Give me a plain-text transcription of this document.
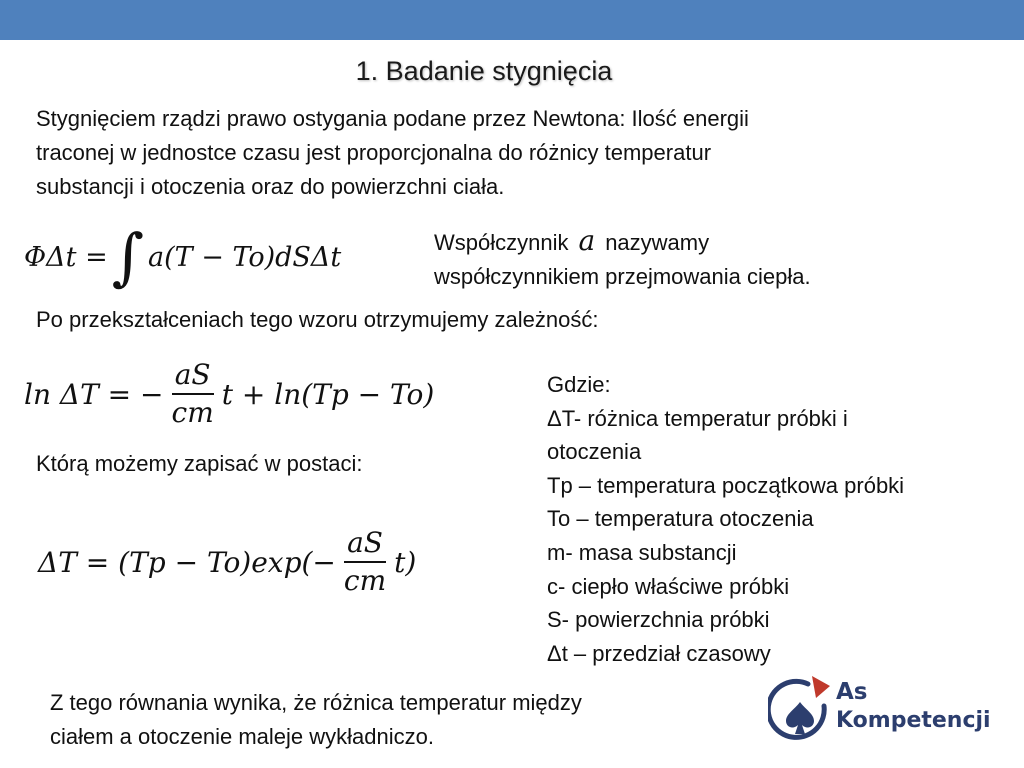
1. Badanie stygnięcia
Stygnięciem rządzi prawo ostygania podane przez Newtona: Ilość energii
traconej w jednostce czasu jest proporcjonalna do różnicy temperatur
substancji i otoczenia oraz do powierzchni ciała.
ΦΔt = ∫ a(T − To)dSΔt	Współczynnik a nazywamy
współczynnikiem przejmowania ciepła.
Po przekształceniach tego wzoru otrzymujemy zależność:
ln ΔT = − $\frac{aS}{cm}$ t + ln(Tp − To)
Którą możemy zapisać w postaci:
$\Delta T = (Tp - To)\exp(- \frac{aS}{cm} t)$
Gdzie:
ΔT- różnica temperatur próbki i
otoczenia
Tp – temperatura początkowa próbki
To – temperatura otoczenia
m- masa substancji
c- ciepło właściwe próbki
S- powierzchnia próbki
Δt – przedział czasowy
Z tego równania wynika, że różnica temperatur między
ciałem a otoczenie maleje wykładniczo.
As
Kompetencji
